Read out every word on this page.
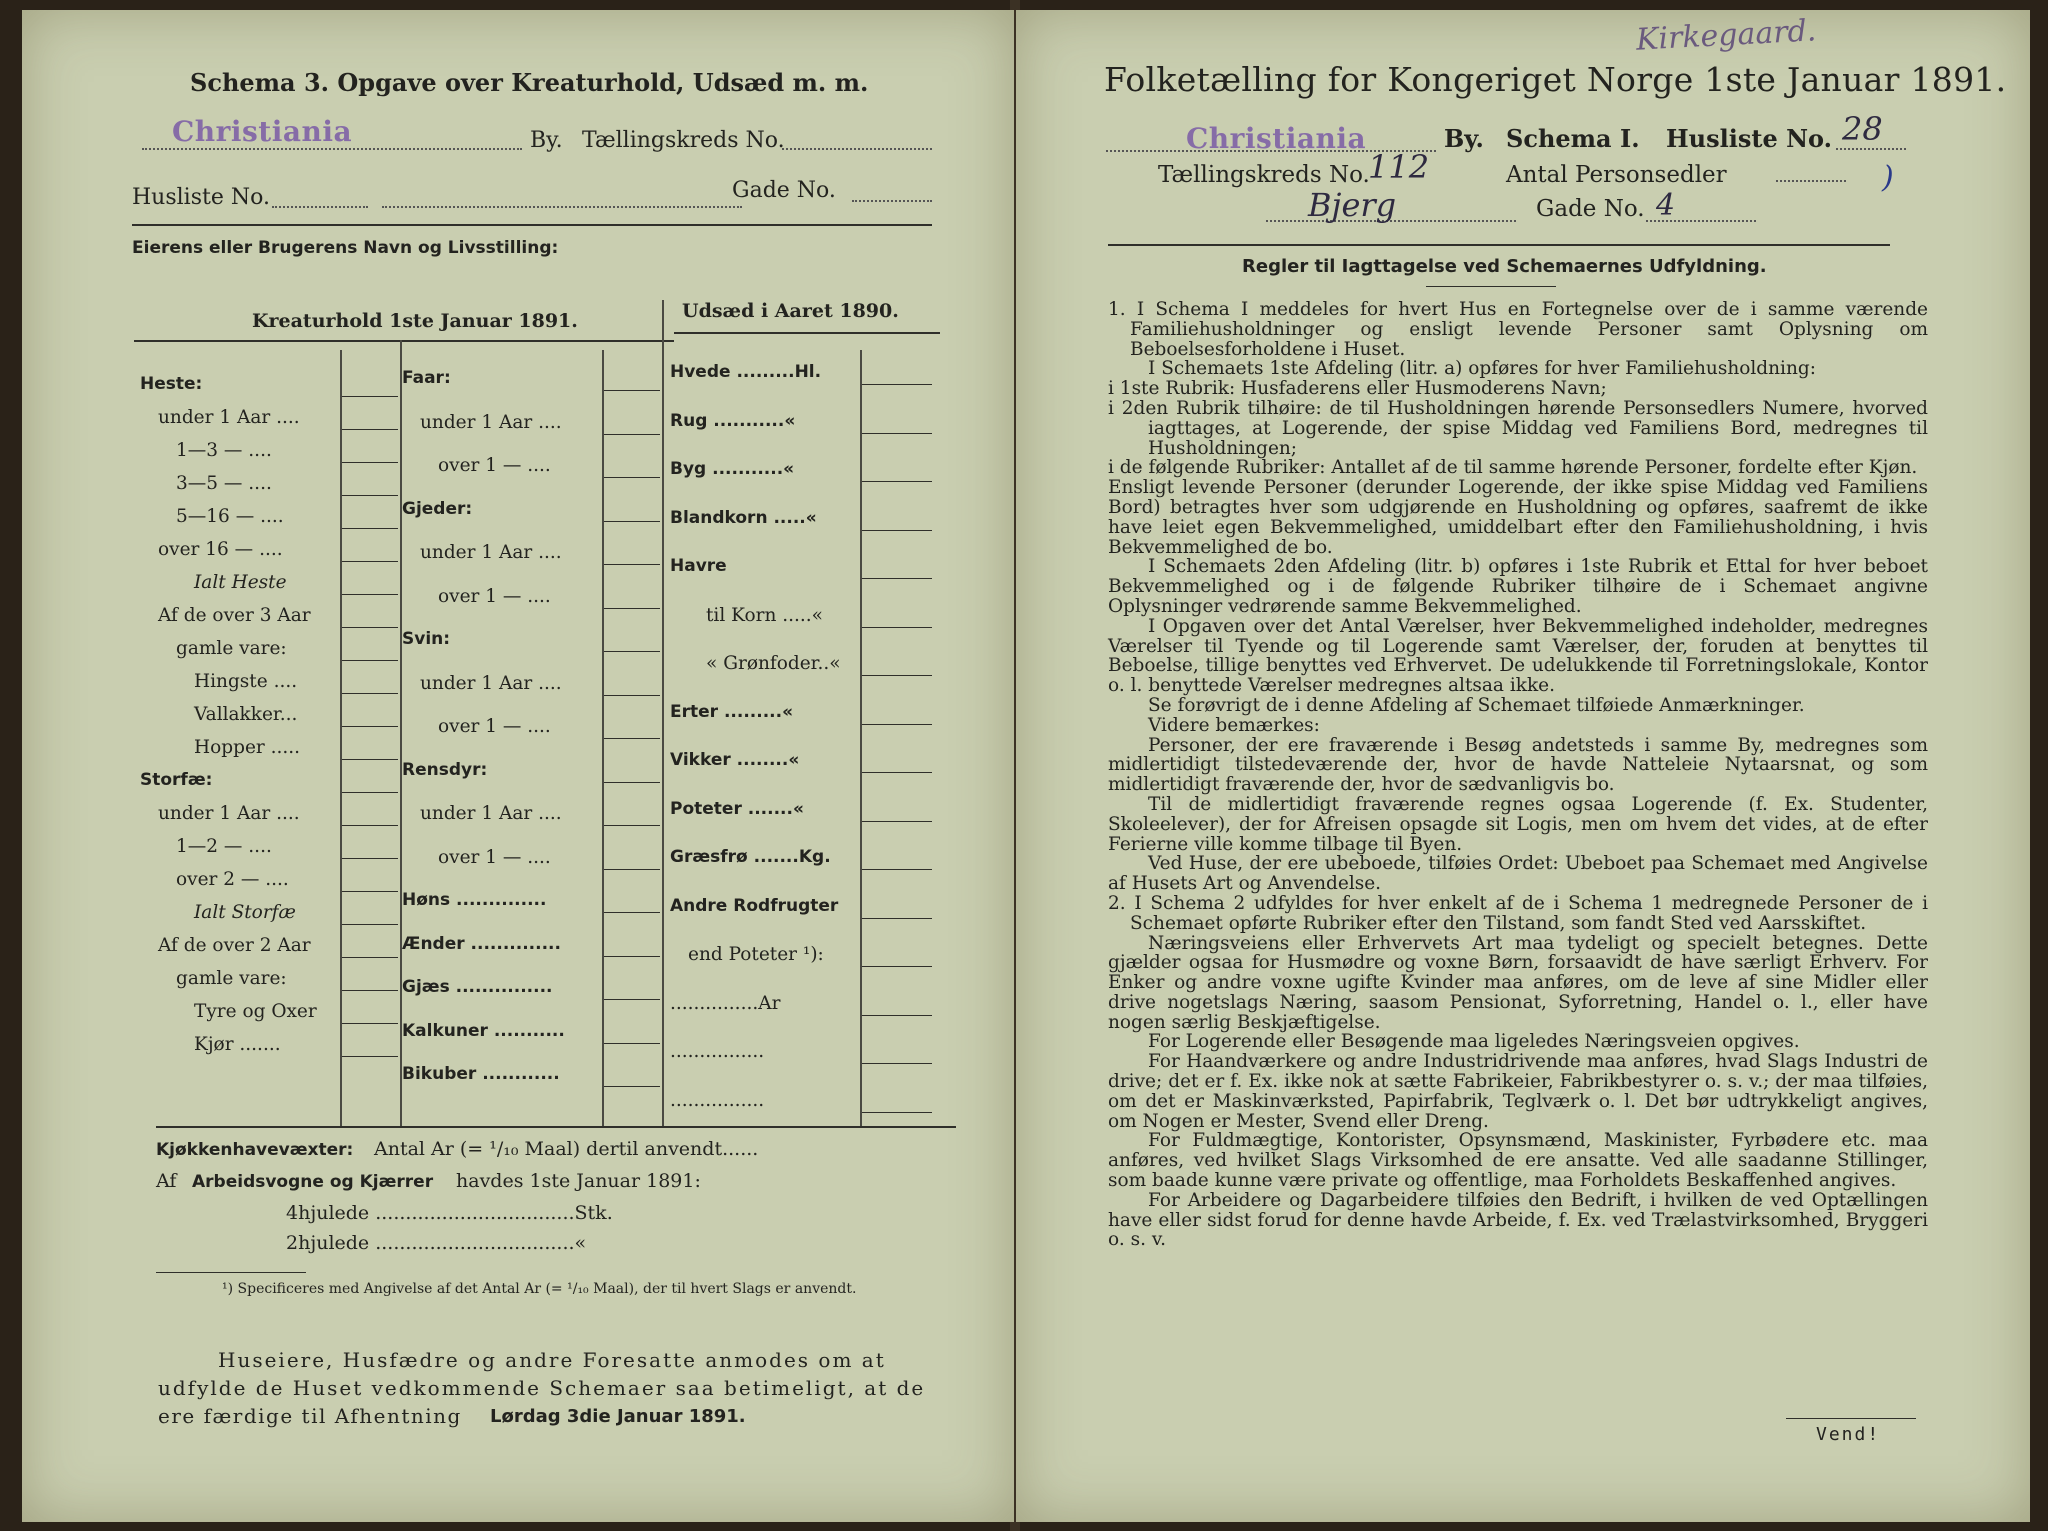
Schema 3. Opgave over Kreaturhold, Udsæd m. m.
Christiania	By. Tællingskreds No.
Husliste No.	Gade No.
Eierens eller Brugerens Navn og Livsstilling:
Kreaturhold 1ste Januar 1891.	Udsæd i Aaret 1890.
Heste:
under 1 Aar ....
1—3 — ....
3—5 — ....
5—16 — ....
over 16 — ....
Ialt Heste
Af de over 3 Aar
gamle vare:
Hingste ....
Vallakker...
Hopper .....
Storfæ:
under 1 Aar ....
1—2 — ....
over 2 — ....
Ialt Storfæ
Af de over 2 Aar
gamle vare:
Tyre og Oxer
Kjør .......
Faar:
under 1 Aar ....
over 1 — ....
Gjeder:
under 1 Aar ....
over 1 — ....
Svin:
under 1 Aar ....
over 1 — ....
Rensdyr:
under 1 Aar ....
over 1 — ....
Høns ..............
Ænder ..............
Gjæs ...............
Kalkuner ...........
Bikuber ............
Hvede .........Hl.
Rug ...........«
Byg ...........«
Blandkorn .....«
Havre
til Korn .....«
« Grønfoder..«
Erter .........«
Vikker ........«
Poteter .......«
Græsfrø .......Kg.
Andre Rodfrugter
end Poteter ¹):
...............Ar
................
................
Kjøkkenhavevæxter: Antal Ar (= ¹/₁₀ Maal) dertil anvendt......
Af Arbeidsvogne og Kjærrer havdes 1ste Januar 1891:
4hjulede .................................Stk.
2hjulede .................................«
¹) Specificeres med Angivelse af det Antal Ar (= ¹/₁₀ Maal), der til hvert Slags er anvendt.
Huseiere, Husfædre og andre Foresatte anmodes om at
udfylde de Huset vedkommende Schemaer saa betimeligt, at de
ere færdige til Afhentning Lørdag 3die Januar 1891.
Kirkegaard.
Folketælling for Kongeriget Norge 1ste Januar 1891.
Christiania	By. Schema I. Husliste No. 28
Tællingskreds No.
112	Antal Personsedler	)
Bjerg	Gade No. 4
Regler til Iagttagelse ved Schemaernes Udfyldning.

1. I Schema I meddeles for hvert Hus en Fortegnelse over de i samme værende Familiehusholdninger og ensligt levende Personer samt Oplysning om Beboelsesforholdene i Huset.

I Schemaets 1ste Afdeling (litr. a) opføres for hver Familiehusholdning:

i 1ste Rubrik: Husfaderens eller Husmoderens Navn;

i 2den Rubrik tilhøire: de til Husholdningen hørende Personsedlers Numere, hvorved iagttages, at Logerende, der spise Middag ved Familiens Bord, medregnes til Husholdningen;

i de følgende Rubriker: Antallet af de til samme hørende Personer, fordelte efter Kjøn.

Ensligt levende Personer (derunder Logerende, der ikke spise Middag ved Familiens Bord) betragtes hver som udgjørende en Husholdning og opføres, saafremt de ikke have leiet egen Bekvemmelighed, umiddelbart efter den Familiehusholdning, i hvis Bekvemmelighed de bo.

I Schemaets 2den Afdeling (litr. b) opføres i 1ste Rubrik et Ettal for hver beboet Bekvemmelighed og i de følgende Rubriker tilhøire de i Schemaet angivne Oplysninger vedrørende samme Bekvemmelighed.

I Opgaven over det Antal Værelser, hver Bekvemmelighed indeholder, medregnes Værelser til Tyende og til Logerende samt Værelser, der, foruden at benyttes til Beboelse, tillige benyttes ved Erhvervet. De udelukkende til Forretningslokale, Kontor o. l. benyttede Værelser medregnes altsaa ikke.

Se forøvrigt de i denne Afdeling af Schemaet tilføiede Anmærkninger.

Videre bemærkes:

Personer, der ere fraværende i Besøg andetsteds i samme By, medregnes som midlertidigt tilstedeværende der, hvor de havde Natteleie Nytaarsnat, og som midlertidigt fraværende der, hvor de sædvanligvis bo.

Til de midlertidigt fraværende regnes ogsaa Logerende (f. Ex. Studenter, Skoleelever), der for Afreisen opsagde sit Logis, men om hvem det vides, at de efter Ferierne ville komme tilbage til Byen.

Ved Huse, der ere ubeboede, tilføies Ordet: Ubeboet paa Schemaet med Angivelse af Husets Art og Anvendelse.

2. I Schema 2 udfyldes for hver enkelt af de i Schema 1 medregnede Personer de i Schemaet opførte Rubriker efter den Tilstand, som fandt Sted ved Aarsskiftet.

Næringsveiens eller Erhvervets Art maa tydeligt og specielt betegnes. Dette gjælder ogsaa for Husmødre og voxne Børn, forsaavidt de have særligt Erhverv. For Enker og andre voxne ugifte Kvinder maa anføres, om de leve af sine Midler eller drive nogetslags Næring, saasom Pensionat, Syforretning, Handel o. l., eller have nogen særlig Beskjæftigelse.

For Logerende eller Besøgende maa ligeledes Næringsveien opgives.

For Haandværkere og andre Industridrivende maa anføres, hvad Slags Industri de drive; det er f. Ex. ikke nok at sætte Fabrikeier, Fabrikbestyrer o. s. v.; der maa tilføies, om det er Maskinværksted, Papirfabrik, Teglværk o. l. Det bør udtrykkeligt angives, om Nogen er Mester, Svend eller Dreng.

For Fuldmægtige, Kontorister, Opsynsmænd, Maskinister, Fyrbødere etc. maa anføres, ved hvilket Slags Virksomhed de ere ansatte. Ved alle saadanne Stillinger, som baade kunne være private og offentlige, maa Forholdets Beskaffenhed angives.

For Arbeidere og Dagarbeidere tilføies den Bedrift, i hvilken de ved Optællingen have eller sidst forud for denne havde Arbeide, f. Ex. ved Trælastvirksomhed, Bryggeri o. s. v.

Vend!
